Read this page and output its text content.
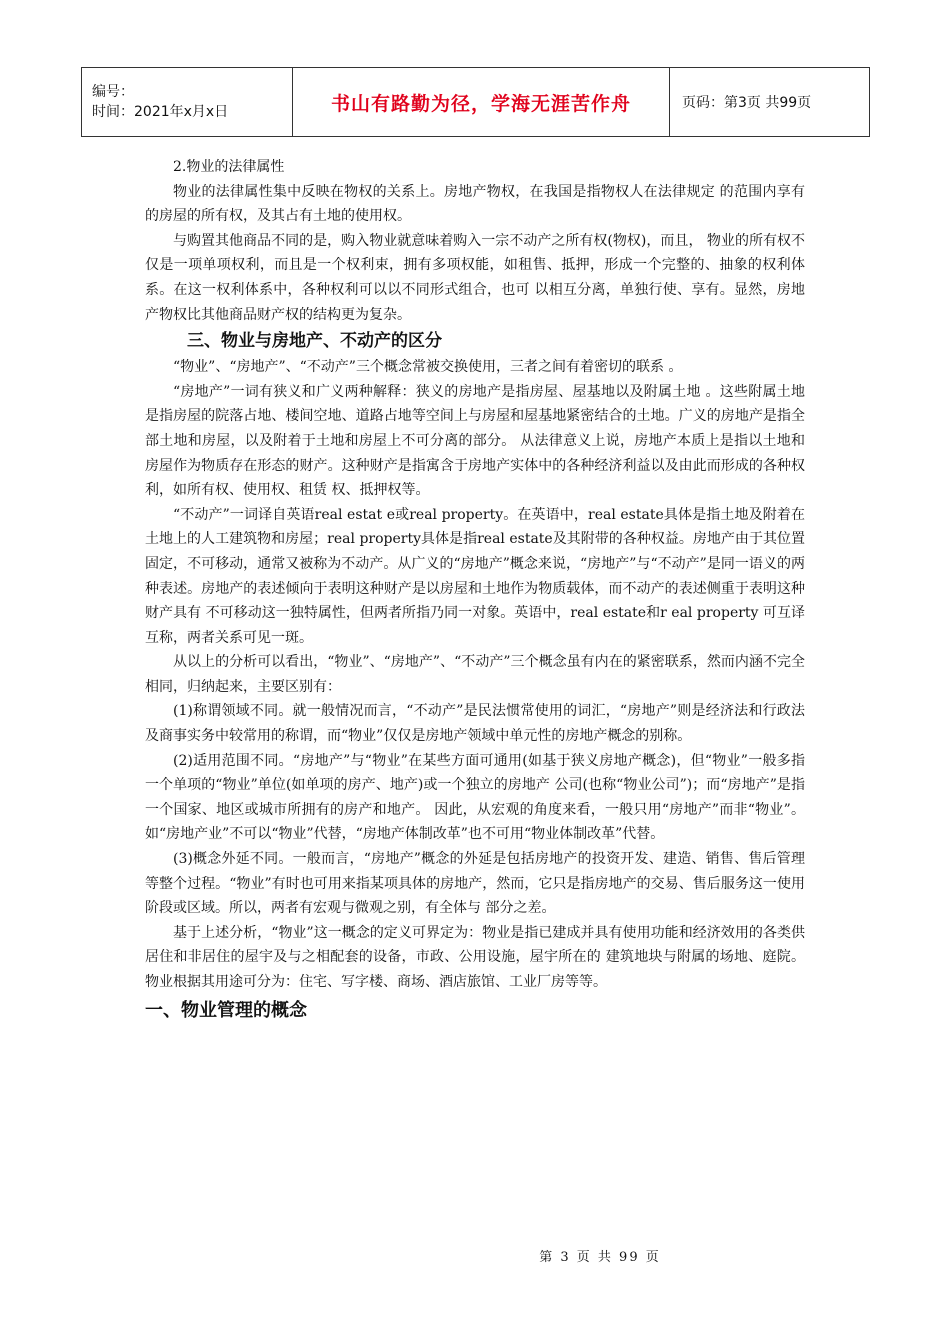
编号：
时间：2021年x月x日	书山有路勤为径，学海无涯苦作舟	页码：第3页 共99页

2.物业的法律属性

物业的法律属性集中反映在物权的关系上。房地产物权，在我国是指物权人在法律规定 的范围内享有的房屋的所有权，及其占有土地的使用权。

与购置其他商品不同的是，购入物业就意味着购入一宗不动产之所有权(物权)，而且， 物业的所有权不仅是一项单项权利，而且是一个权利束，拥有多项权能，如租售、抵押，形成一个完整的、抽象的权利体系。在这一权利体系中，各种权利可以以不同形式组合，也可 以相互分离，单独行使、享有。显然，房地产物权比其他商品财产权的结构更为复杂。

三、物业与房地产、不动产的区分

“物业”、“房地产”、“不动产”三个概念常被交换使用，三者之间有着密切的联系 。

“房地产”一词有狭义和广义两种解释：狭义的房地产是指房屋、屋基地以及附属土地 。这些附属土地是指房屋的院落占地、楼间空地、道路占地等空间上与房屋和屋基地紧密结合的土地。广义的房地产是指全部土地和房屋，以及附着于土地和房屋上不可分离的部分。 从法律意义上说，房地产本质上是指以土地和房屋作为物质存在形态的财产。这种财产是指寓含于房地产实体中的各种经济利益以及由此而形成的各种权利，如所有权、使用权、租赁 权、抵押权等。

“不动产”一词译自英语real estat e或real property。在英语中，real estate具体是指土地及附着在土地上的人工建筑物和房屋；real property具体是指real estate及其附带的各种权益。房地产由于其位置固定，不可移动，通常又被称为不动产。从广义的“房地产”概念来说，“房地产”与“不动产”是同一语义的两种表述。房地产的表述倾向于表明这种财产是以房屋和土地作为物质载体，而不动产的表述侧重于表明这种财产具有 不可移动这一独特属性，但两者所指乃同一对象。英语中，real estate和r eal property 可互译互称，两者关系可见一斑。

从以上的分析可以看出，“物业”、“房地产”、“不动产”三个概念虽有内在的紧密联系，然而内涵不完全相同，归纳起来，主要区别有：

(1)称谓领域不同。就一般情况而言，“不动产”是民法惯常使用的词汇，“房地产”则是经济法和行政法及商事实务中较常用的称谓，而“物业”仅仅是房地产领域中单元性的房地产概念的别称。

(2)适用范围不同。“房地产”与“物业”在某些方面可通用(如基于狭义房地产概念)，但“物业”一般多指一个单项的“物业”单位(如单项的房产、地产)或一个独立的房地产 公司(也称“物业公司”)；而“房地产”是指一个国家、地区或城市所拥有的房产和地产。 因此，从宏观的角度来看，一般只用“房地产”而非“物业”。如“房地产业”不可以“物业”代替，“房地产体制改革”也不可用“物业体制改革”代替。

(3)概念外延不同。一般而言，“房地产”概念的外延是包括房地产的投资开发、建造、销售、售后管理等整个过程。“物业”有时也可用来指某项具体的房地产，然而，它只是指房地产的交易、售后服务这一使用阶段或区域。所以，两者有宏观与微观之别，有全体与 部分之差。

基于上述分析，“物业”这一概念的定义可界定为：物业是指已建成并具有使用功能和经济效用的各类供居住和非居住的屋宇及与之相配套的设备，市政、公用设施，屋宇所在的 建筑地块与附属的场地、庭院。物业根据其用途可分为：住宅、写字楼、商场、酒店旅馆、工业厂房等等。

一、物业管理的概念
第 3 页 共 99 页
